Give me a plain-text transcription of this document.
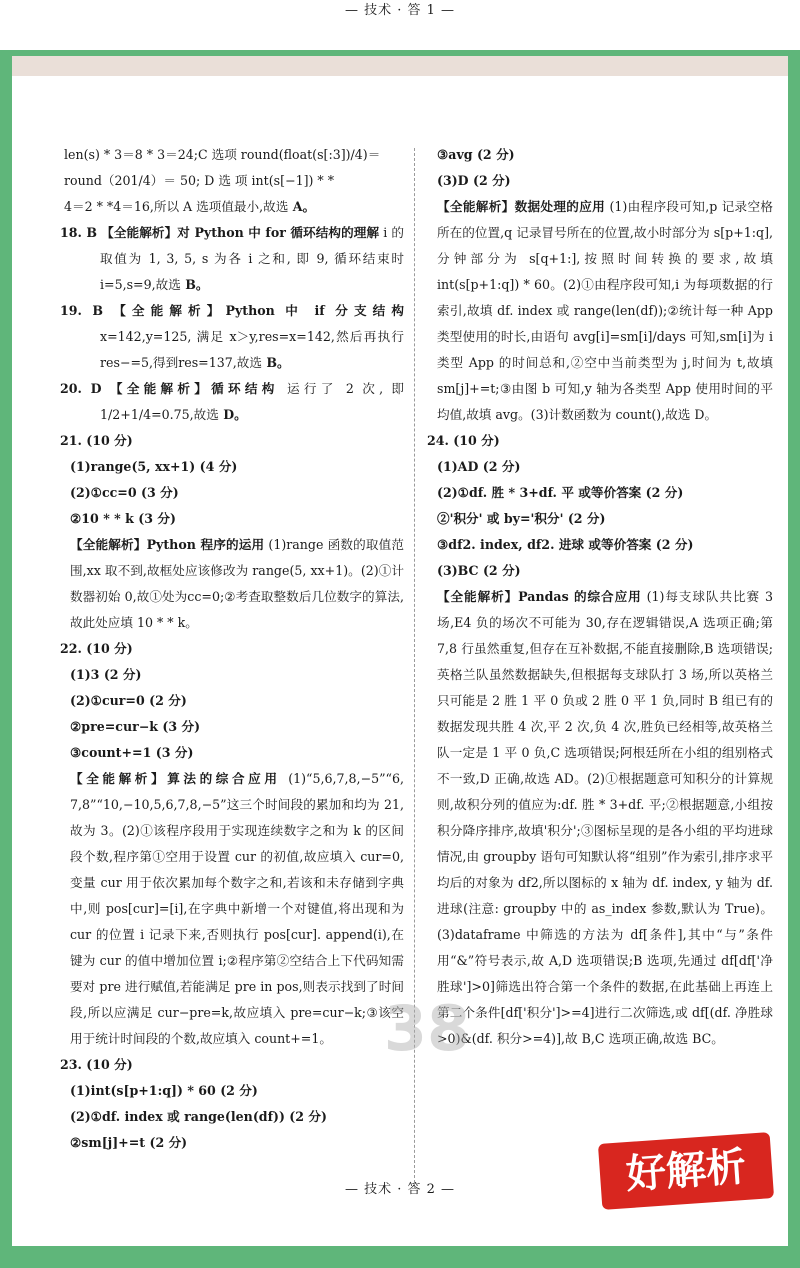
— 技术 · 答 1 —

len(s) * 3＝8 * 3＝24;C 选项 round(float(s[:3])/4)＝
round（201/4）＝ 50; D 选 项 int(s[−1]) * *
4＝2 * *4＝16,所以 A 选项值最小,故选 A。

18. B 【全能解析】对 Python 中 for 循环结构的理解 i 的取值为 1, 3, 5, s 为各 i 之和, 即 9, 循环结束时 i=5,s=9,故选 B。

19. B 【全能解析】Python 中 if 分支结构 x=142,y=125, 满足 x＞y,res=x=142,然后再执行res−=5,得到res=137,故选 B。

20. D 【全能解析】循环结构 运行了 2 次, 即 1/2+1/4=0.75,故选 D。

21. (10 分)

(1)range(5, xx+1) (4 分)

(2)①cc=0 (3 分)

②10 * * k (3 分)

【全能解析】Python 程序的运用 (1)range 函数的取值范围,xx 取不到,故框处应该修改为 range(5, xx+1)。(2)①计数器初始 0,故①处为cc=0;②考查取整数后几位数字的算法,故此处应填 10 * * k。

22. (10 分)

(1)3 (2 分)

(2)①cur=0 (2 分)

②pre=cur−k (3 分)

③count+=1 (3 分)

【全能解析】算法的综合应用 (1)“5,6,7,8,−5”“6, 7,8”“10,−10,5,6,7,8,−5”这三个时间段的累加和均为 21,故为 3。(2)①该程序段用于实现连续数字之和为 k 的区间段个数,程序第①空用于设置 cur 的初值,故应填入 cur=0,变量 cur 用于依次累加每个数字之和,若该和未存储到字典中,则 pos[cur]=[i],在字典中新增一个对键值,将出现和为 cur 的位置 i 记录下来,否则执行 pos[cur]. append(i),在键为 cur 的值中增加位置 i;②程序第②空结合上下代码知需要对 pre 进行赋值,若能满足 pre in pos,则表示找到了时间段,所以应满足 cur−pre=k,故应填入 pre=cur−k;③该空用于统计时间段的个数,故应填入 count+=1。

23. (10 分)

(1)int(s[p+1:q]) * 60 (2 分)

(2)①df. index 或 range(len(df)) (2 分)

②sm[j]+=t (2 分)

③avg (2 分)

(3)D (2 分)

【全能解析】数据处理的应用 (1)由程序段可知,p 记录空格所在的位置,q 记录冒号所在的位置,故小时部分为 s[p+1:q],分钟部分为 s[q+1:],按照时间转换的要求,故填 int(s[p+1:q]) * 60。(2)①由程序段可知,i 为每项数据的行索引,故填 df. index 或 range(len(df));②统计每一种 App 类型使用的时长,由语句 avg[i]=sm[i]/days 可知,sm[i]为 i 类型 App 的时间总和,②空中当前类型为 j,时间为 t,故填 sm[j]+=t;③由图 b 可知,y 轴为各类型 App 使用时间的平均值,故填 avg。(3)计数函数为 count(),故选 D。

24. (10 分)

(1)AD (2 分)

(2)①df. 胜 * 3+df. 平 或等价答案 (2 分)

②'积分' 或 by='积分' (2 分)

③df2. index, df2. 进球 或等价答案 (2 分)

(3)BC (2 分)

【全能解析】Pandas 的综合应用 (1)每支球队共比赛 3 场,E4 负的场次不可能为 30,存在逻辑错误,A 选项正确;第 7,8 行虽然重复,但存在互补数据,不能直接删除,B 选项错误;英格兰队虽然数据缺失,但根据每支球队打 3 场,所以英格兰只可能是 2 胜 1 平 0 负或 2 胜 0 平 1 负,同时 B 组已有的数据发现共胜 4 次,平 2 次,负 4 次,胜负已经相等,故英格兰队一定是 1 平 0 负,C 选项错误;阿根廷所在小组的组别格式不一致,D 正确,故选 AD。(2)①根据题意可知积分的计算规则,故积分列的值应为:df. 胜 * 3+df. 平;②根据题意,小组按积分降序排序,故填'积分';③图标呈现的是各小组的平均进球情况,由 groupby 语句可知默认将“组别”作为索引,排序求平均后的对象为 df2,所以图标的 x 轴为 df. index, y 轴为 df. 进球(注意: groupby 中的 as_index 参数,默认为 True)。(3)dataframe 中筛选的方法为 df[条件],其中“与”条件用“&”符号表示,故 A,D 选项错误;B 选项,先通过 df[df['净胜球']>0]筛选出符合第一个条件的数据,在此基础上再连上第二个条件[df['积分']>=4]进行二次筛选,或 df[(df. 净胜球>0)&(df. 积分>=4)],故 B,C 选项正确,故选 BC。

38
— 技术 · 答 2 —	好解析
